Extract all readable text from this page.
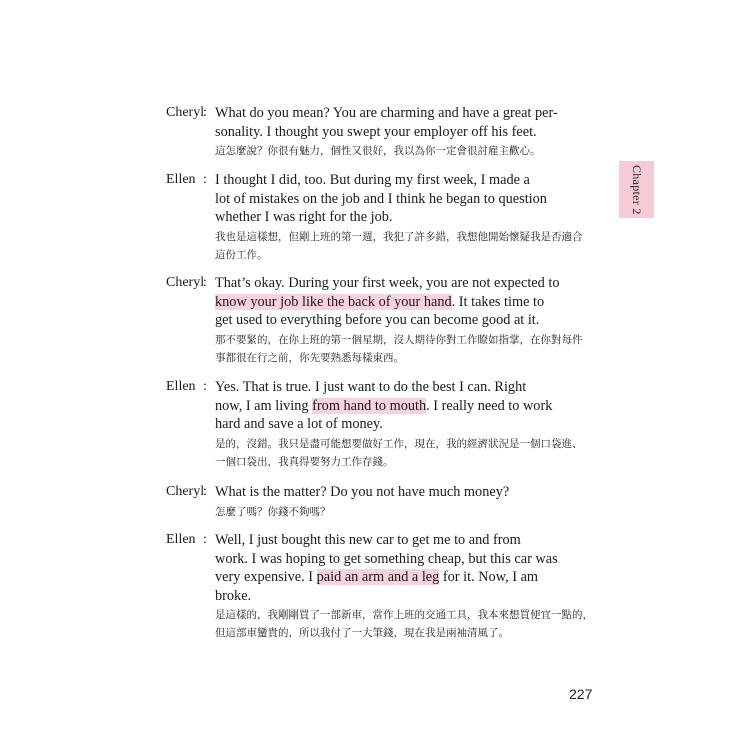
Chapter 2
Cheryl
: What do you mean? You are charming and have a great per-
sonality. I thought you swept your employer off his feet.
這怎麼說？你很有魅力，個性又很好，我以為你一定會很討雇主歡心。
Ellen : I thought I did, too. But during my first week, I made a
lot of mistakes on the job and I think he began to question
whether I was right for the job.
我也是這樣想，但剛上班的第一週，我犯了許多錯，我想他開始懷疑我是否適合
這份工作。
Cheryl
: That’s okay. During your first week, you are not expected to
know your job like the back of your hand. It takes time to
get used to everything before you can become good at it.
那不要緊的，在你上班的第一個星期，沒人期待你對工作瞭如指掌，在你對每件
事都很在行之前，你先要熟悉每樣東西。
Ellen : Yes. That is true. I just want to do the best I can. Right
now, I am living from hand to mouth. I really need to work
hard and save a lot of money.
是的，沒錯。我只是盡可能想要做好工作，現在，我的經濟狀況是一個口袋進、
一個口袋出，我真得要努力工作存錢。
Cheryl
: What is the matter? Do you not have much money?
怎麼了嗎？你錢不夠嗎？
Ellen : Well, I just bought this new car to get me to and from
work. I was hoping to get something cheap, but this car was
very expensive. I paid an arm and a leg for it. Now, I am
broke.
是這樣的，我剛剛買了一部新車，當作上班的交通工具，我本來想買便宜一點的，
但這部車蠻貴的，所以我付了一大筆錢，現在我是兩袖清風了。
227
